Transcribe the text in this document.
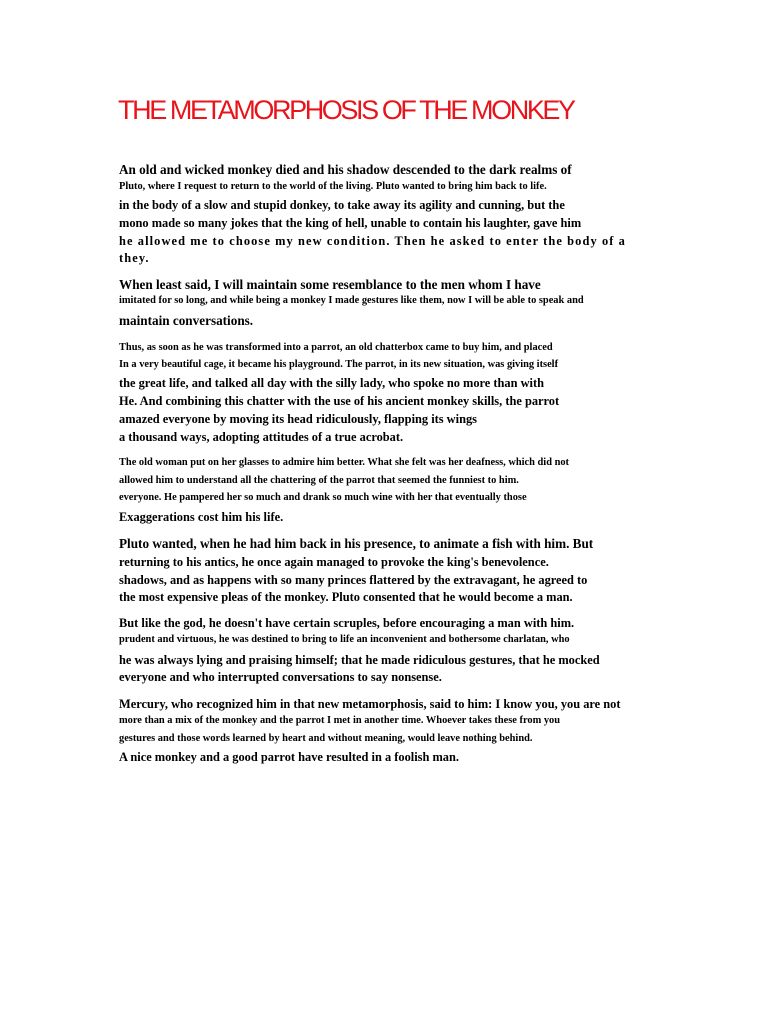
THE METAMORPHOSIS OF THE MONKEY

An old and wicked monkey died and his shadow descended to the dark realms of

Pluto, where I request to return to the world of the living. Pluto wanted to bring him back to life.

in the body of a slow and stupid donkey, to take away its agility and cunning, but the

mono made so many jokes that the king of hell, unable to contain his laughter, gave him

he allowed me to choose my new condition. Then he asked to enter the body of a

they.

When least said, I will maintain some resemblance to the men whom I have

imitated for so long, and while being a monkey I made gestures like them, now I will be able to speak and

maintain conversations.

Thus, as soon as he was transformed into a parrot, an old chatterbox came to buy him, and placed

In a very beautiful cage, it became his playground. The parrot, in its new situation, was giving itself

the great life, and talked all day with the silly lady, who spoke no more than with

He. And combining this chatter with the use of his ancient monkey skills, the parrot

amazed everyone by moving its head ridiculously, flapping its wings

a thousand ways, adopting attitudes of a true acrobat.

The old woman put on her glasses to admire him better. What she felt was her deafness, which did not

allowed him to understand all the chattering of the parrot that seemed the funniest to him.

everyone. He pampered her so much and drank so much wine with her that eventually those

Exaggerations cost him his life.

Pluto wanted, when he had him back in his presence, to animate a fish with him. But

returning to his antics, he once again managed to provoke the king's benevolence.

shadows, and as happens with so many princes flattered by the extravagant, he agreed to

the most expensive pleas of the monkey. Pluto consented that he would become a man.

But like the god, he doesn't have certain scruples, before encouraging a man with him.

prudent and virtuous, he was destined to bring to life an inconvenient and bothersome charlatan, who

he was always lying and praising himself; that he made ridiculous gestures, that he mocked

everyone and who interrupted conversations to say nonsense.

Mercury, who recognized him in that new metamorphosis, said to him: I know you, you are not

more than a mix of the monkey and the parrot I met in another time. Whoever takes these from you

gestures and those words learned by heart and without meaning, would leave nothing behind.

A nice monkey and a good parrot have resulted in a foolish man.
